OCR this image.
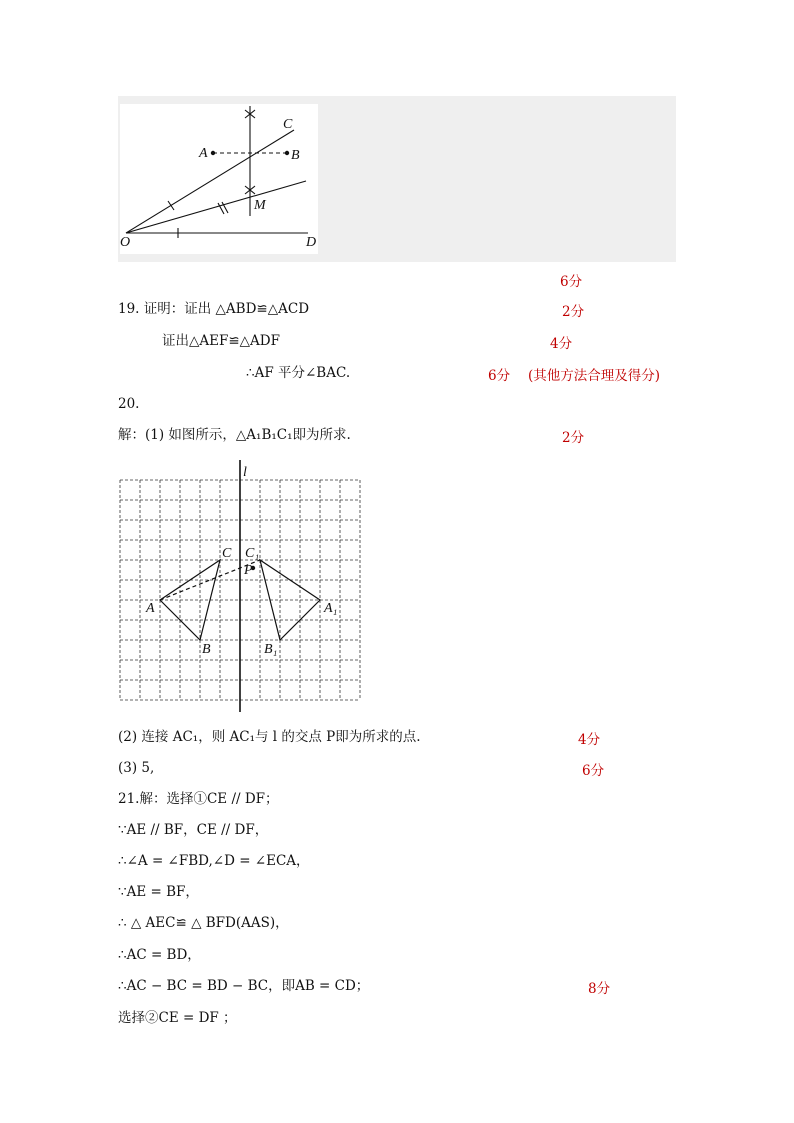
A	B
C
M
O	D
6分
19. 证明：证出 △ABD≌△ACD	2分
证出△AEF≌△ADF	4分
∴AF 平分∠BAC.	6分 (其他方法合理及得分)
20.
解：(1) 如图所示，△A₁B₁C₁即为所求.	2分
l
C C₁
P
A	A₁
B	B₁
(2) 连接 AC₁，则 AC₁与 l 的交点 P即为所求的点.	4分
(3) 5,	6分
21.解：选择①CE // DF；
∵AE // BF，CE // DF，
∴∠A = ∠FBD,∠D = ∠ECA，
∵AE = BF，
∴ △ AEC≌ △ BFD(AAS)，
∴AC = BD，
∴AC − BC = BD − BC，即AB = CD；	8分
选择②CE = DF ；
